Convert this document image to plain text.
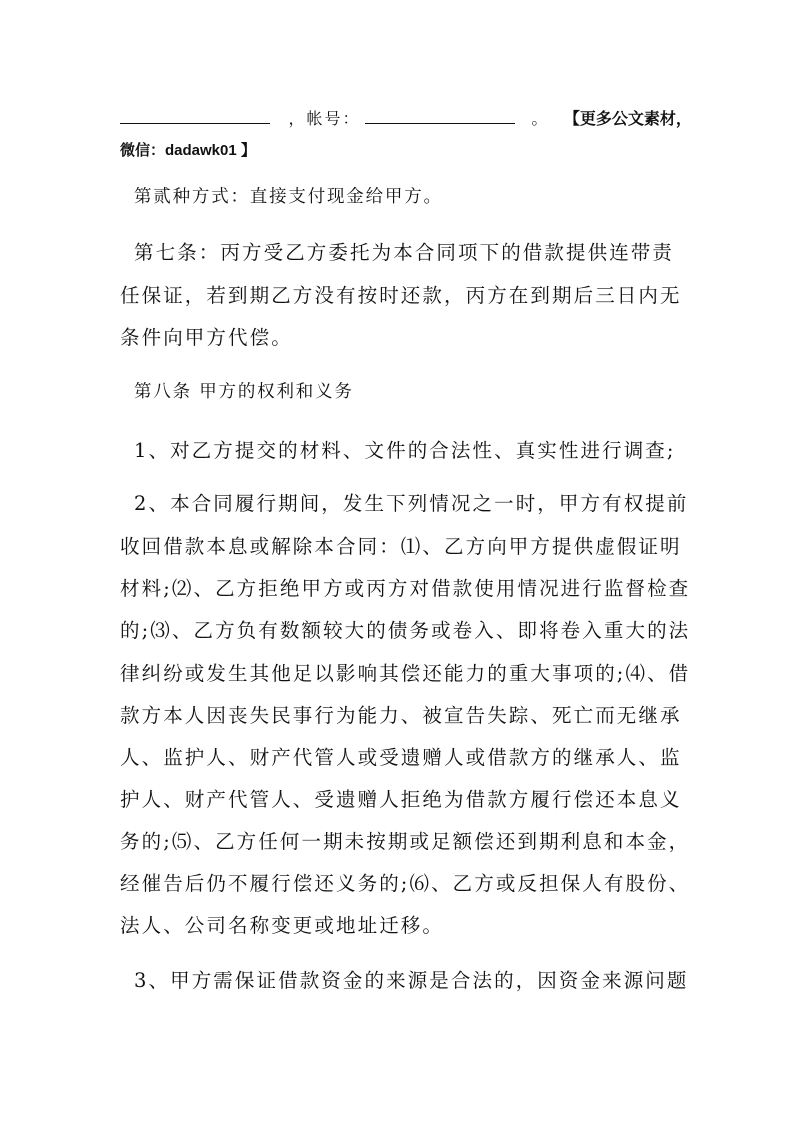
，帐号：	。 【更多公文素材，
微信：dadawk01 】
第贰种方式：直接支付现金给甲方。
第七条：丙方受乙方委托为本合同项下的借款提供连带责
任保证，若到期乙方没有按时还款，丙方在到期后三日内无
条件向甲方代偿。
第八条 甲方的权利和义务
1、对乙方提交的材料、文件的合法性、真实性进行调查;
2、本合同履行期间，发生下列情况之一时，甲方有权提前
收回借款本息或解除本合同：⑴、乙方向甲方提供虚假证明
材料;⑵、乙方拒绝甲方或丙方对借款使用情况进行监督检查
的;⑶、乙方负有数额较大的债务或卷入、即将卷入重大的法
律纠纷或发生其他足以影响其偿还能力的重大事项的;⑷、借
款方本人因丧失民事行为能力、被宣告失踪、死亡而无继承
人、监护人、财产代管人或受遗赠人或借款方的继承人、监
护人、财产代管人、受遗赠人拒绝为借款方履行偿还本息义
务的;⑸、乙方任何一期未按期或足额偿还到期利息和本金，
经催告后仍不履行偿还义务的;⑹、乙方或反担保人有股份、
法人、公司名称变更或地址迁移。
3、甲方需保证借款资金的来源是合法的，因资金来源问题
